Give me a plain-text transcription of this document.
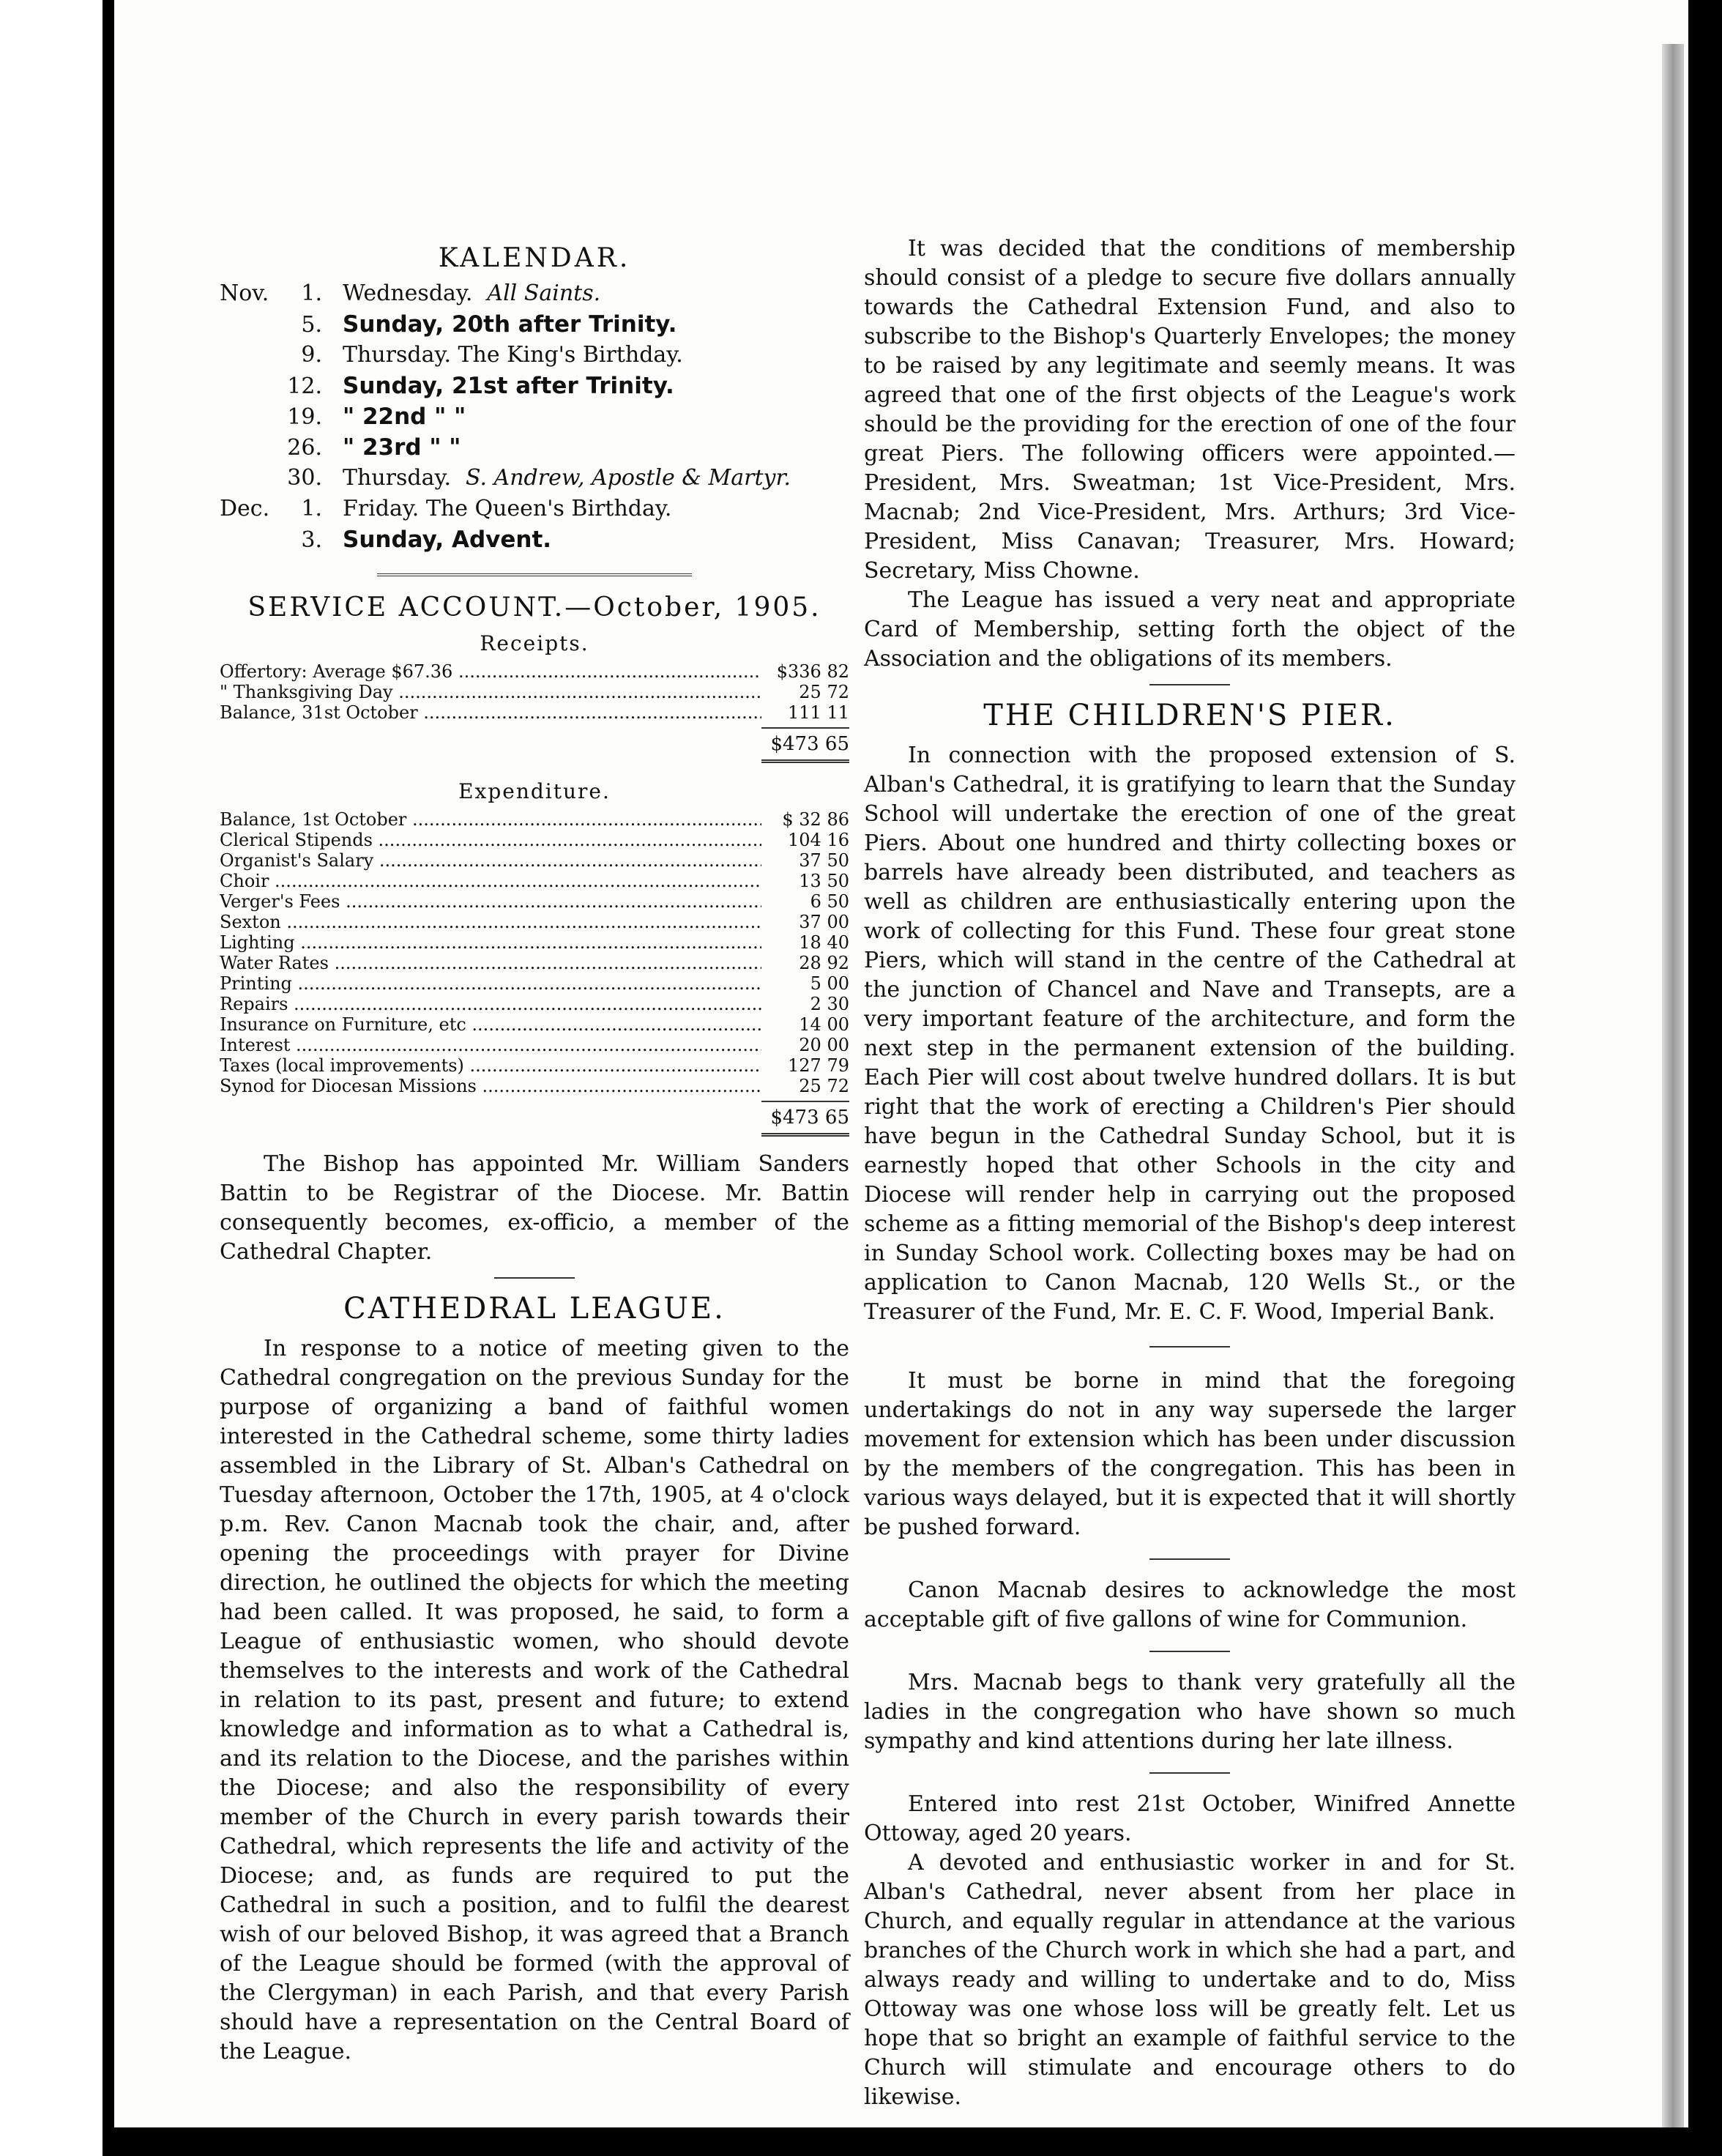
KALENDAR.
Nov.	1. Wednesday. All Saints.
5. Sunday, 20th after Trinity.
9. Thursday. The King's Birthday.
12. Sunday, 21st after Trinity.
19. " 22nd " "
26. " 23rd " "
30. Thursday. S. Andrew, Apostle & Martyr.
Dec.	1. Friday. The Queen's Birthday.
3. Sunday, Advent.
SERVICE ACCOUNT.—October, 1905.
Receipts.
Offertory: Average $67.36 .....	$336 82
" Thanksgiving Day .....	25 72
Balance, 31st October .....	111 11
$473 65
Expenditure.
Balance, 1st October .....	$ 32 86
Clerical Stipends .....	104 16
Organist's Salary .....	37 50
Choir .....	13 50
Verger's Fees .....	6 50
Sexton .....	37 00
Lighting .....	18 40
Water Rates .....	28 92
Printing .....	5 00
Repairs .....	2 30
Insurance on Furniture, etc .....	14 00
Interest .....	20 00
Taxes (local improvements) .....	127 79
Synod for Diocesan Missions .....	25 72
$473 65

The Bishop has appointed Mr. William Sanders Battin to be Registrar of the Diocese. Mr. Battin consequently becomes, ex-officio, a member of the Cathedral Chapter.

CATHEDRAL LEAGUE.

In response to a notice of meeting given to the Cathedral congregation on the previous Sunday for the purpose of organizing a band of faithful women interested in the Cathedral scheme, some thirty ladies assembled in the Library of St. Alban's Cathedral on Tuesday afternoon, October the 17th, 1905, at 4 o'clock p.m. Rev. Canon Macnab took the chair, and, after opening the proceedings with prayer for Divine direction, he outlined the objects for which the meeting had been called. It was proposed, he said, to form a League of enthusiastic women, who should devote themselves to the interests and work of the Cathedral in relation to its past, present and future; to extend knowledge and information as to what a Cathedral is, and its relation to the Diocese, and the parishes within the Diocese; and also the responsibility of every member of the Church in every parish towards their Cathedral, which represents the life and activity of the Diocese; and, as funds are required to put the Cathedral in such a position, and to fulfil the dearest wish of our beloved Bishop, it was agreed that a Branch of the League should be formed (with the approval of the Clergyman) in each Parish, and that every Parish should have a representation on the Central Board of the League.

It was decided that the conditions of membership should consist of a pledge to secure five dollars annually towards the Cathedral Extension Fund, and also to subscribe to the Bishop's Quarterly Envelopes; the money to be raised by any legitimate and seemly means. It was agreed that one of the first objects of the League's work should be the providing for the erection of one of the four great Piers. The following officers were appointed.—President, Mrs. Sweatman; 1st Vice-President, Mrs. Macnab; 2nd Vice-President, Mrs. Arthurs; 3rd Vice-President, Miss Canavan; Treasurer, Mrs. Howard; Secretary, Miss Chowne.

The League has issued a very neat and appropriate Card of Membership, setting forth the object of the Association and the obligations of its members.

THE CHILDREN'S PIER.

In connection with the proposed extension of S. Alban's Cathedral, it is gratifying to learn that the Sunday School will undertake the erection of one of the great Piers. About one hundred and thirty collecting boxes or barrels have already been distributed, and teachers as well as children are enthusiastically entering upon the work of collecting for this Fund. These four great stone Piers, which will stand in the centre of the Cathedral at the junction of Chancel and Nave and Transepts, are a very important feature of the architecture, and form the next step in the permanent extension of the building. Each Pier will cost about twelve hundred dollars. It is but right that the work of erecting a Children's Pier should have begun in the Cathedral Sunday School, but it is earnestly hoped that other Schools in the city and Diocese will render help in carrying out the proposed scheme as a fitting memorial of the Bishop's deep interest in Sunday School work. Collecting boxes may be had on application to Canon Macnab, 120 Wells St., or the Treasurer of the Fund, Mr. E. C. F. Wood, Imperial Bank.

It must be borne in mind that the foregoing undertakings do not in any way supersede the larger movement for extension which has been under discussion by the members of the congregation. This has been in various ways delayed, but it is expected that it will shortly be pushed forward.

Canon Macnab desires to acknowledge the most acceptable gift of five gallons of wine for Communion.

Mrs. Macnab begs to thank very gratefully all the ladies in the congregation who have shown so much sympathy and kind attentions during her late illness.

Entered into rest 21st October, Winifred Annette Ottoway, aged 20 years.

A devoted and enthusiastic worker in and for St. Alban's Cathedral, never absent from her place in Church, and equally regular in attendance at the various branches of the Church work in which she had a part, and always ready and willing to undertake and to do, Miss Ottoway was one whose loss will be greatly felt. Let us hope that so bright an example of faithful service to the Church will stimulate and encourage others to do likewise.
